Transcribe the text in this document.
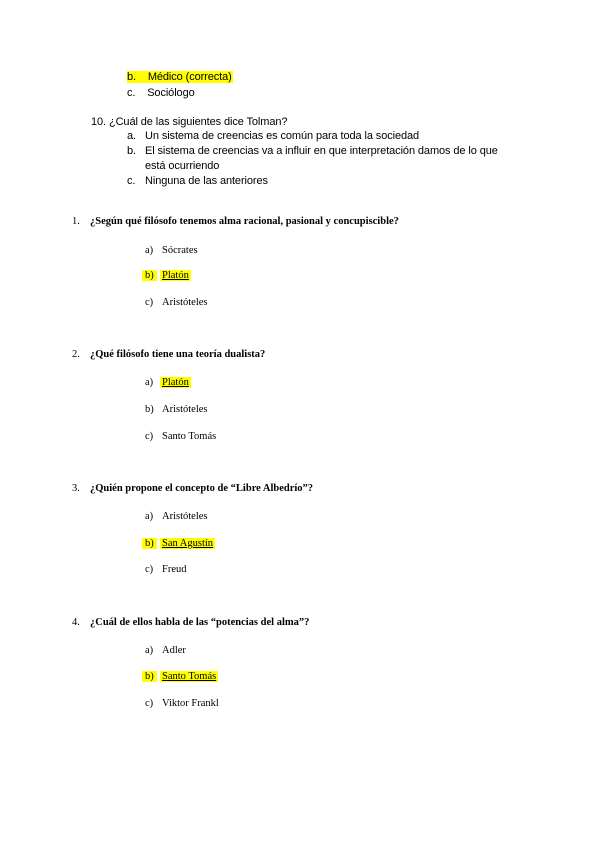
b. Médico (correcta)
c. Sociólogo
10. ¿Cuál de las siguientes dice Tolman?
a. Un sistema de creencias es común para toda la sociedad
b. El sistema de creencias va a influir en que interpretación damos de lo que
está ocurriendo
c. Ninguna de las anteriores
1. ¿Según qué filósofo tenemos alma racional, pasional y concupiscible?
a) Sócrates
b) Platón
c) Aristóteles
2. ¿Qué filósofo tiene una teoría dualista?
a) Platón
b) Aristóteles
c) Santo Tomás
3. ¿Quién propone el concepto de “Libre Albedrío”?
a) Aristóteles
b) San Agustín
c) Freud
4. ¿Cuál de ellos habla de las “potencias del alma”?
a) Adler
b) Santo Tomás
c) Viktor Frankl
